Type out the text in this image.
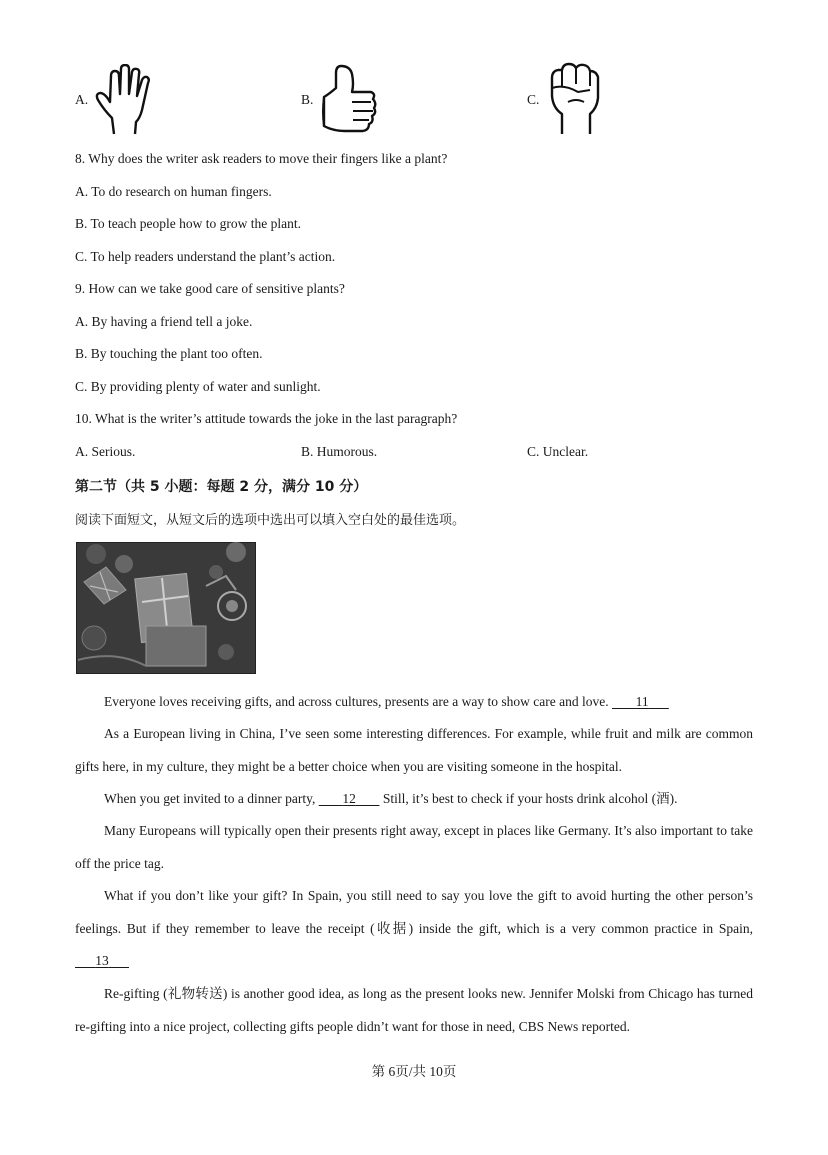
A.	B.	C.
8. Why does the writer ask readers to move their fingers like a plant?
A. To do research on human fingers.
B. To teach people how to grow the plant.
C. To help readers understand the plant’s action.
9. How can we take good care of sensitive plants?
A. By having a friend tell a joke.
B. By touching the plant too often.
C. By providing plenty of water and sunlight.
10. What is the writer’s attitude towards the joke in the last paragraph?
A. Serious.	B. Humorous.	C. Unclear.
第二节（共 5 小题：每题 2 分，满分 10 分）
阅读下面短文，从短文后的选项中选出可以填入空白处的最佳选项。
Everyone loves receiving gifts, and across cultures, presents are a way to show care and love. 11
As a European living in China, I’ve seen some interesting differences. For example, while fruit and milk are common gifts here, in my culture, they might be a better choice when you are visiting someone in the hospital.
When you get invited to a dinner party, 12 Still, it’s best to check if your hosts drink alcohol (酒).
Many Europeans will typically open their presents right away, except in places like Germany. It’s also important to take off the price tag.
What if you don’t like your gift? In Spain, you still need to say you love the gift to avoid hurting the other person’s feelings. But if they remember to leave the receipt (收据) inside the gift, which is a very common practice in Spain,       13
Re-gifting (礼物转送) is another good idea, as long as the present looks new. Jennifer Molski from Chicago has turned re-gifting into a nice project, collecting gifts people didn’t want for those in need, CBS News reported.
第 6页/共 10页
